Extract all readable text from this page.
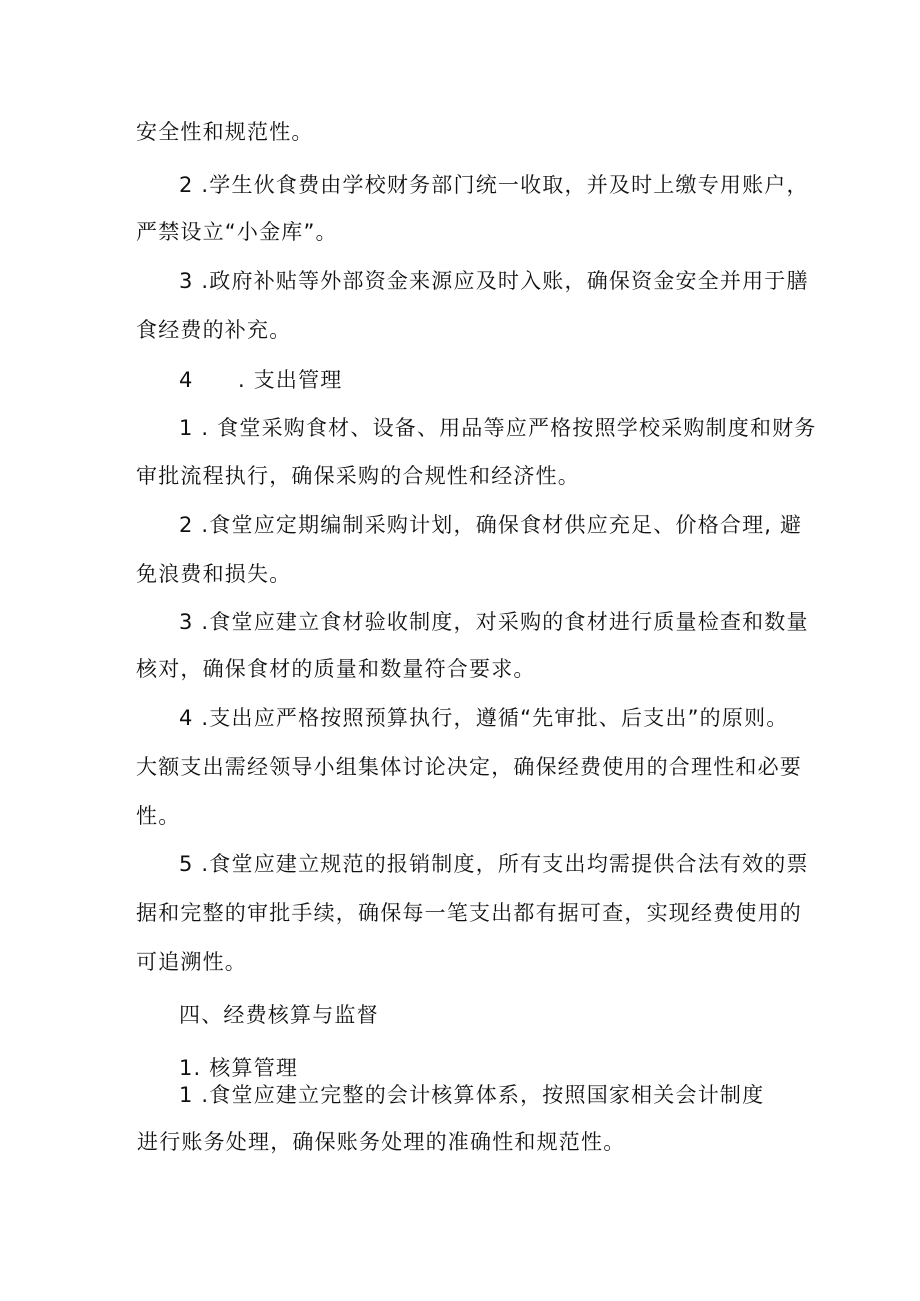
安全性和规范性。
2 .学生伙食费由学校财务部门统一收取，并及时上缴专用账户，
严禁设立“小金库”。
3 .政府补贴等外部资金来源应及时入账，确保资金安全并用于膳
食经费的补充。
4　　. 支出管理
1 . 食堂采购食材、设备、用品等应严格按照学校采购制度和财务
审批流程执行，确保采购的合规性和经济性。
2 .食堂应定期编制采购计划，确保食材供应充足、价格合理, 避
免浪费和损失。
3 .食堂应建立食材验收制度，对采购的食材进行质量检查和数量
核对，确保食材的质量和数量符合要求。
4 .支出应严格按照预算执行，遵循“先审批、后支出”的原则。
大额支出需经领导小组集体讨论决定，确保经费使用的合理性和必要
性。
5 .食堂应建立规范的报销制度，所有支出均需提供合法有效的票
据和完整的审批手续，确保每一笔支出都有据可查，实现经费使用的
可追溯性。
四、经费核算与监督
1. 核算管理
1 .食堂应建立完整的会计核算体系，按照国家相关会计制度
进行账务处理，确保账务处理的准确性和规范性。
